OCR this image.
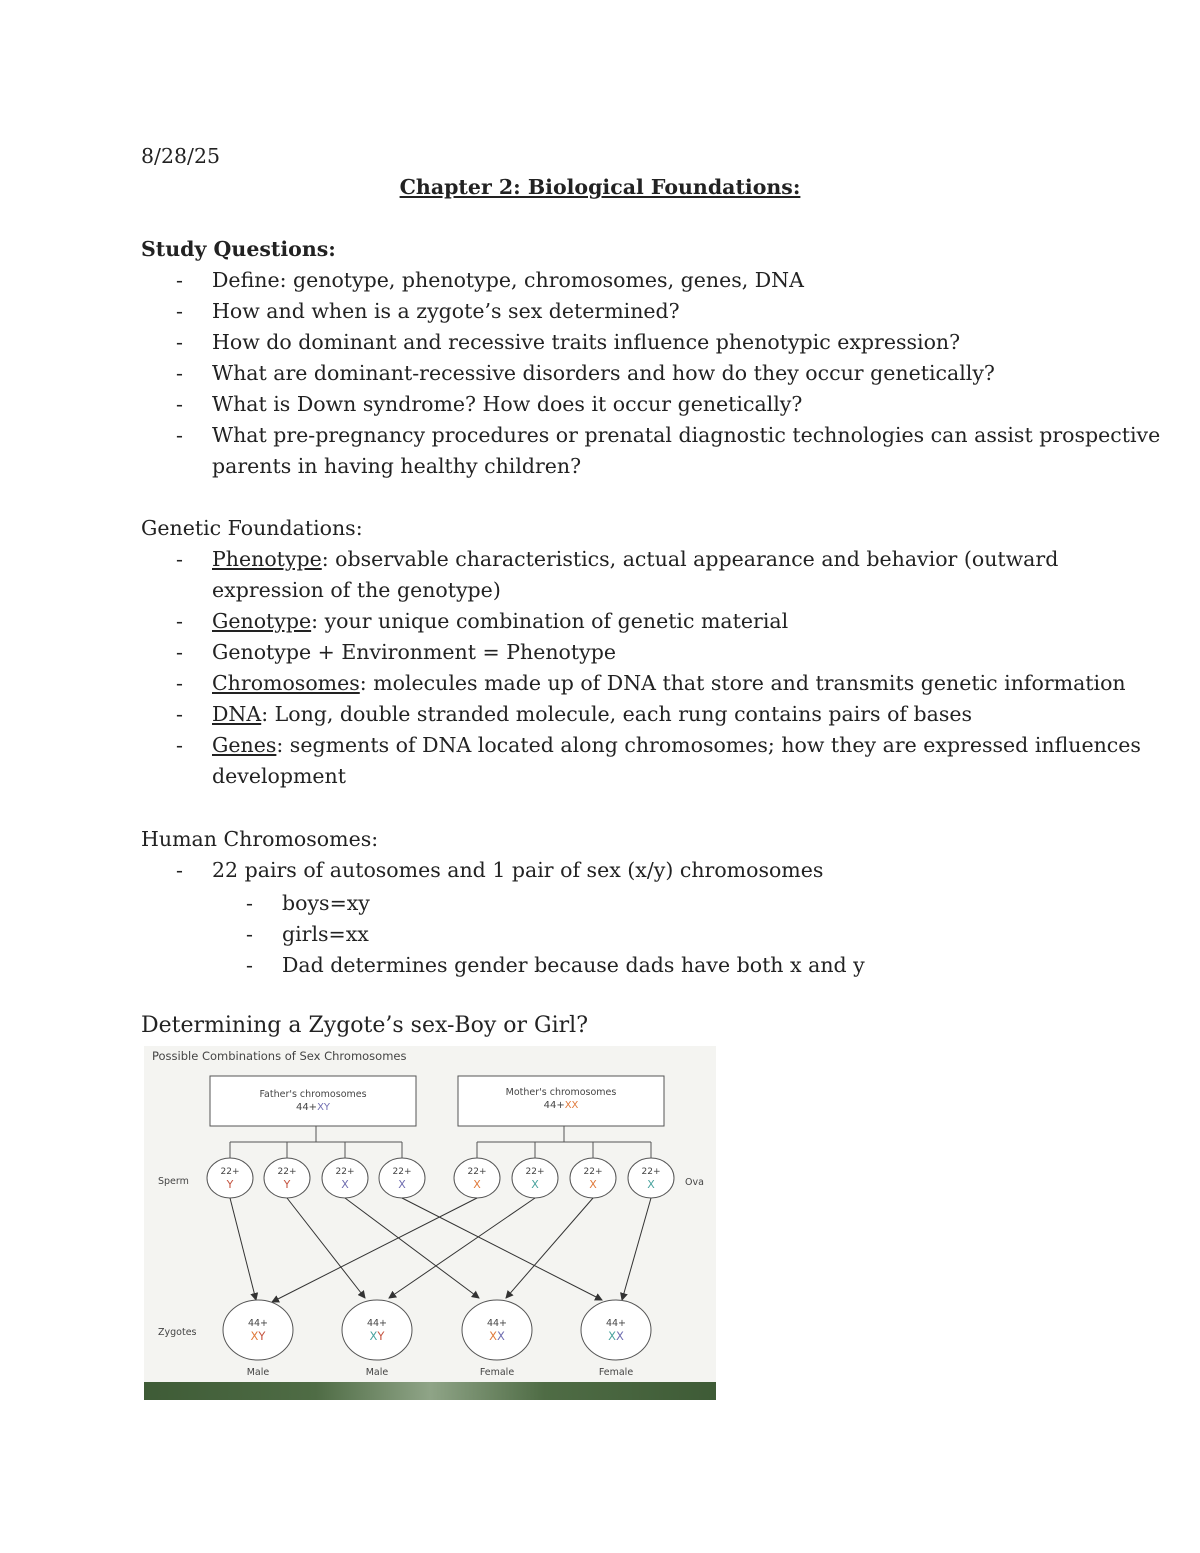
8/28/25
Chapter 2: Biological Foundations:
Study Questions:
- Define: genotype, phenotype, chromosomes, genes, DNA
- How and when is a zygote’s sex determined?
- How do dominant and recessive traits influence phenotypic expression?
- What are dominant-recessive disorders and how do they occur genetically?
- What is Down syndrome? How does it occur genetically?
- What pre-pregnancy procedures or prenatal diagnostic technologies can assist prospective
parents in having healthy children?
Genetic Foundations:
- Phenotype: observable characteristics, actual appearance and behavior (outward
expression of the genotype)
- Genotype: your unique combination of genetic material
- Genotype + Environment = Phenotype
- Chromosomes: molecules made up of DNA that store and transmits genetic information
- DNA: Long, double stranded molecule, each rung contains pairs of bases
- Genes: segments of DNA located along chromosomes; how they are expressed influences
development
Human Chromosomes:
- 22 pairs of autosomes and 1 pair of sex (x/y) chromosomes
- boys=xy
- girls=xx
- Dad determines gender because dads have both x and y
Determining a Zygote’s sex-Boy or Girl?
Possible Combinations of Sex Chromosomes
Father's chromosomes
44+XY
Mother's chromosomes
44+XX
Sperm	Ova
22+
Y
22+
Y
22+
X
22+
X
22+
X
22+
X
22+
X
22+
X
Zygotes
44+
XY
Male
44+
XY
Male
44+
XX
Female
44+
XX
Female
